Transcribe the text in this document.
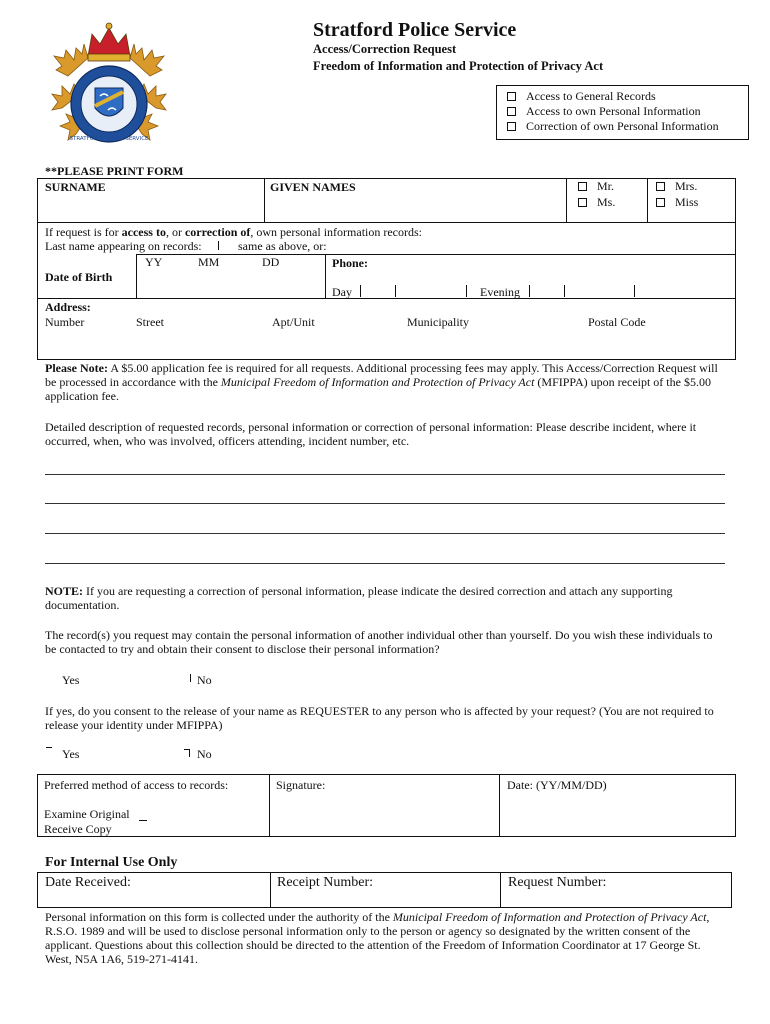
STRATFORD POLICE SERVICE
Stratford Police Service
Access/Correction Request
Freedom of Information and Protection of Privacy Act
Access to General Records
Access to own Personal Information
Correction of own Personal Information
**PLEASE PRINT FORM
SURNAME	GIVEN NAMES	Mr.
Ms.
Mrs.
Miss
If request is for access to, or correction of, own personal information records:
Last name appearing on records:	same as above, or:
YY	MM	DD
Date of Birth
Phone:
Day	Evening
Address:
Number	Street	Apt/Unit	Municipality	Postal Code
Please Note: A $5.00 application fee is required for all requests. Additional processing fees may apply. This Access/Correction Request will be processed in accordance with the Municipal Freedom of Information and Protection of Privacy Act (MFIPPA) upon receipt of the $5.00 application fee.
Detailed description of requested records, personal information or correction of personal information: Please describe incident, where it occurred, when, who was involved, officers attending, incident number, etc.
NOTE: If you are requesting a correction of personal information, please indicate the desired correction and attach any supporting documentation.
The record(s) you request may contain the personal information of another individual other than yourself. Do you wish these individuals to be contacted to try and obtain their consent to disclose their personal information?
Yes	No
If yes, do you consent to the release of your name as REQUESTER to any person who is affected by your request? (You are not required to release your identity under MFIPPA)
Yes	No
Preferred method of access to records:
Examine Original
Receive Copy
Signature:	Date: (YY/MM/DD)
For Internal Use Only
Date Received:	Receipt Number:	Request Number:
Personal information on this form is collected under the authority of the Municipal Freedom of Information and Protection of Privacy Act, R.S.O. 1989 and will be used to disclose personal information only to the person or agency so designated by the written consent of the applicant. Questions about this collection should be directed to the attention of the Freedom of Information Coordinator at 17 George St. West, N5A 1A6, 519-271-4141.
